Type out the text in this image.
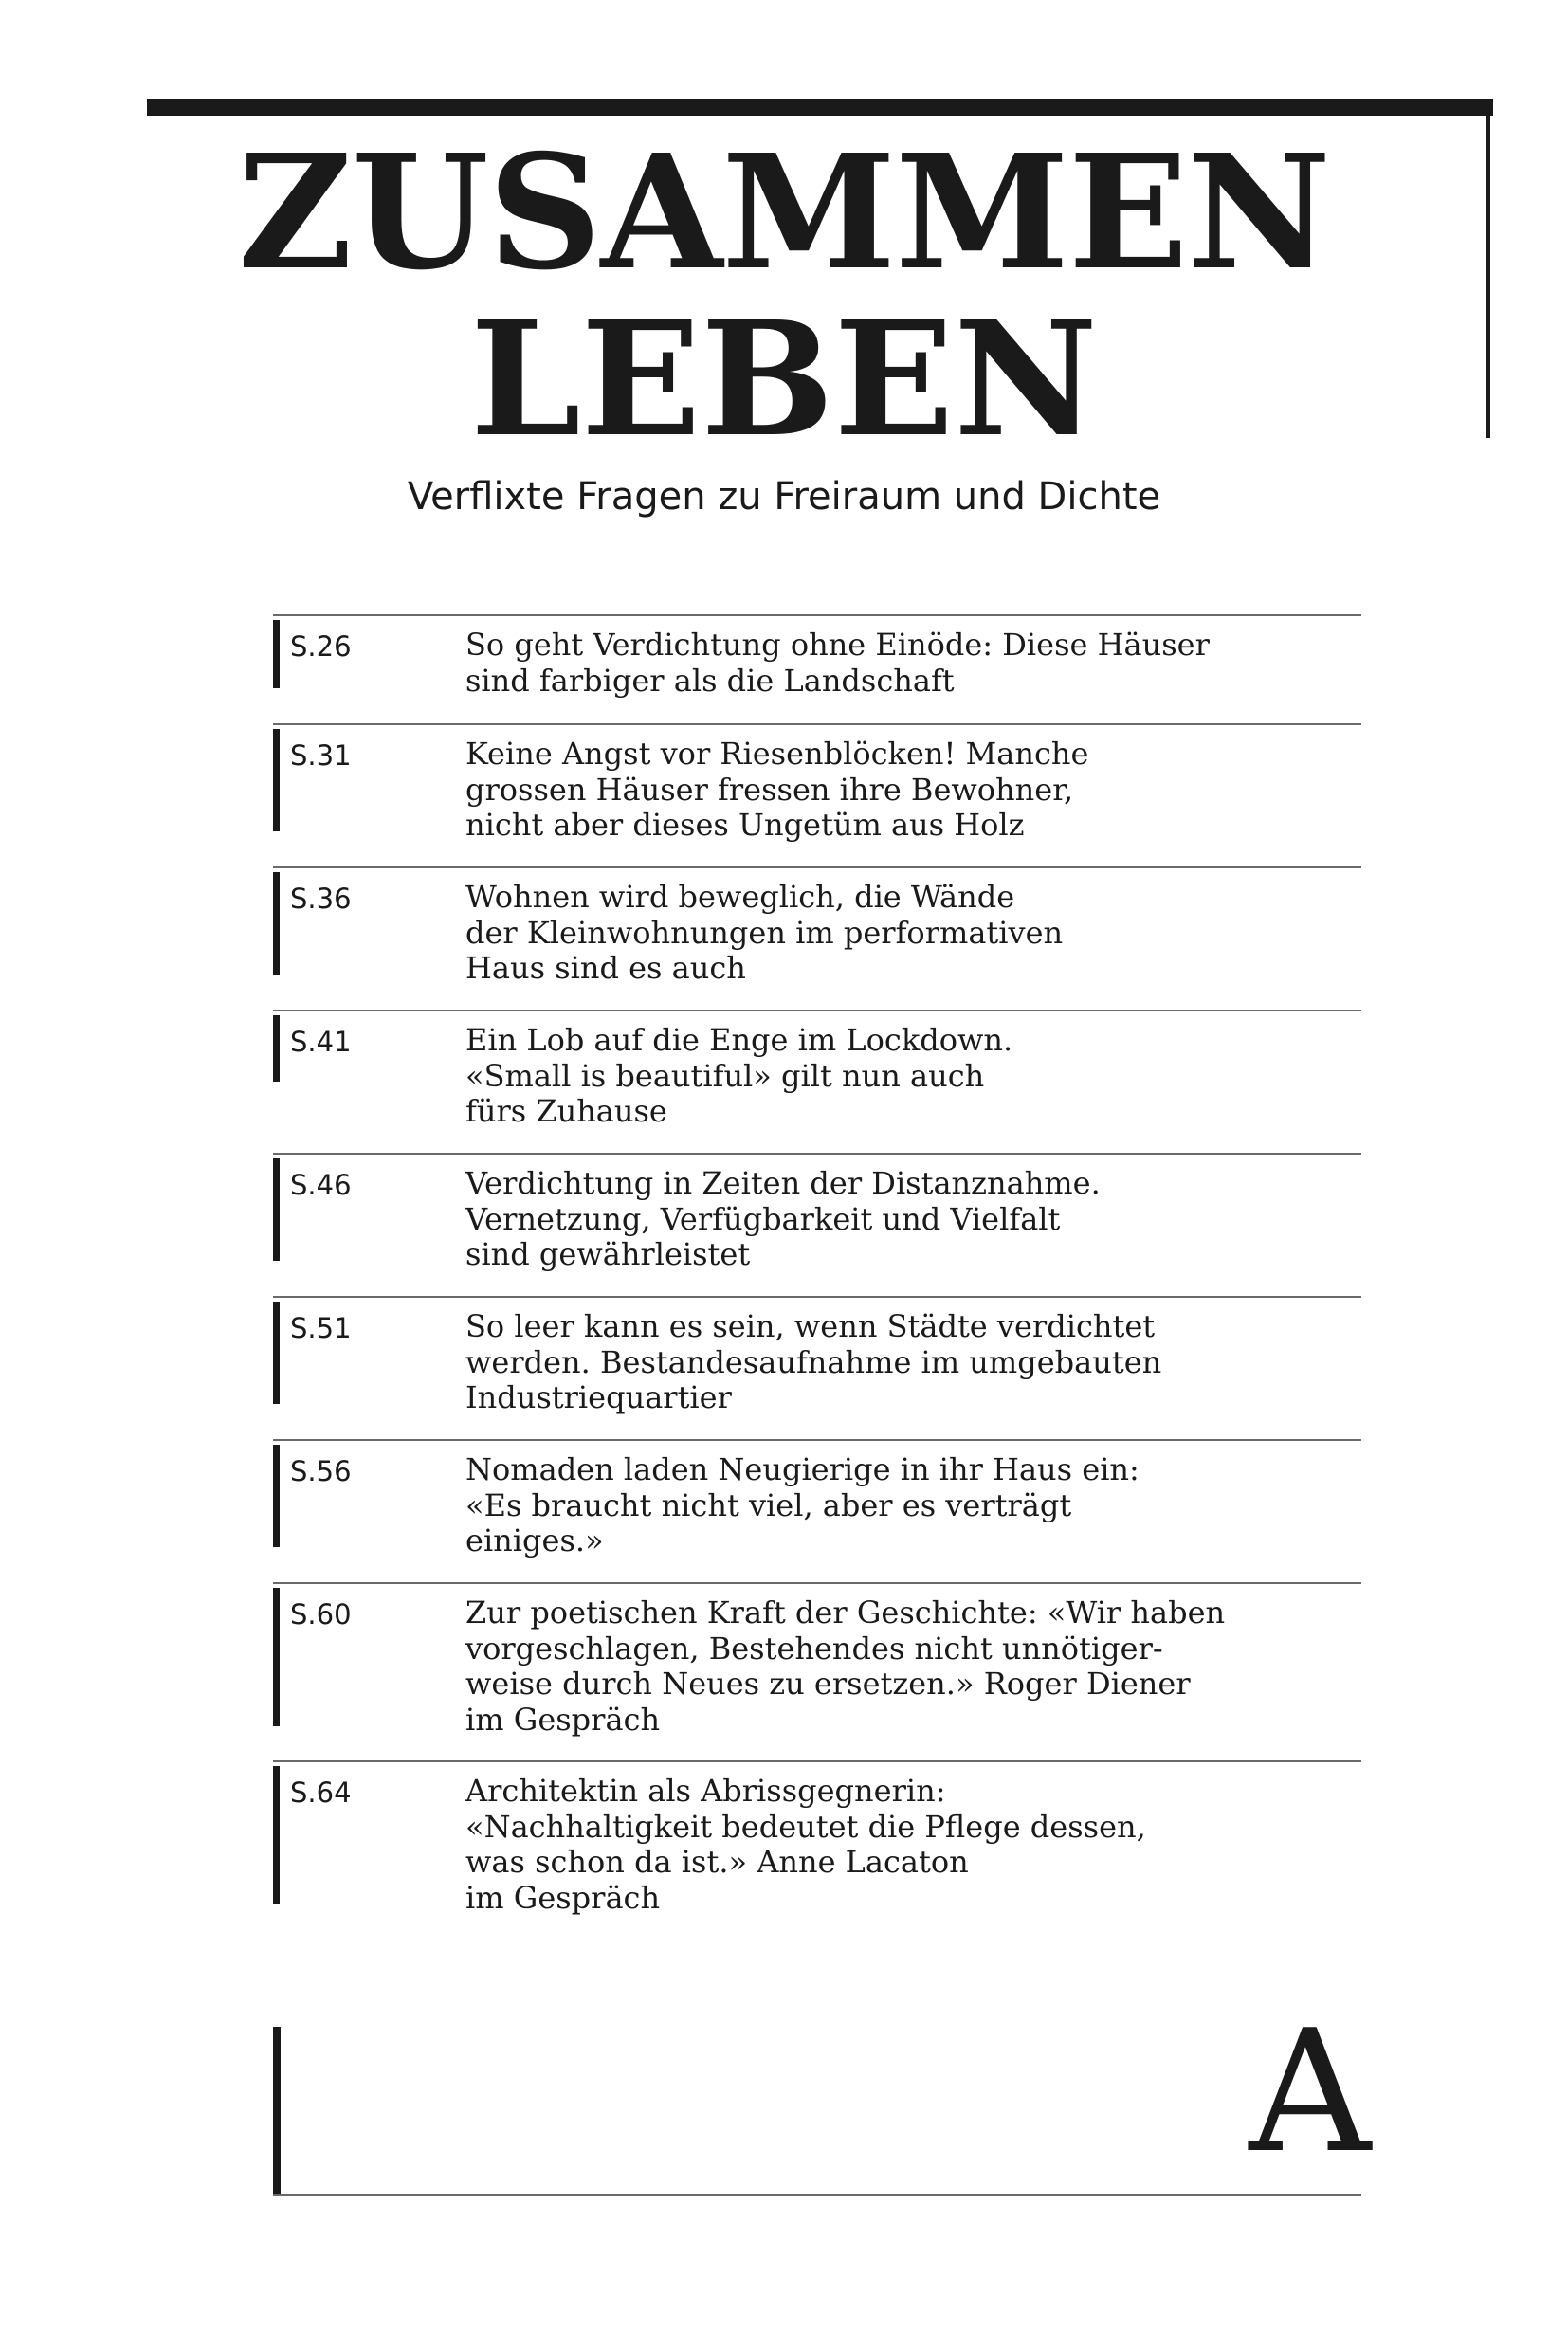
ZUSAMMEN
LEBEN

Verflixte Fragen zu Freiraum und Dichte

S.26	So geht Verdichtung ohne Einöde: Diese Häuser
sind farbiger als die Landschaft
S.31	Keine Angst vor Riesenblöcken! Manche
grossen Häuser fressen ihre Bewohner,
nicht aber dieses Ungetüm aus Holz
S.36	Wohnen wird beweglich, die Wände
der Kleinwohnungen im performativen
Haus sind es auch
S.41	Ein Lob auf die Enge im Lockdown.
«Small is beautiful» gilt nun auch
fürs Zuhause
S.46	Verdichtung in Zeiten der Distanznahme.
Vernetzung, Verfügbarkeit und Vielfalt
sind gewährleistet
S.51	So leer kann es sein, wenn Städte verdichtet
werden. Bestandesaufnahme im umgebauten
Industriequartier
S.56	Nomaden laden Neugierige in ihr Haus ein:
«Es braucht nicht viel, aber es verträgt
einiges.»
S.60	Zur poetischen Kraft der Geschichte: «Wir haben
vorgeschlagen, Bestehendes nicht unnötiger-
weise durch Neues zu ersetzen.» Roger Diener
im Gespräch
S.64	Architektin als Abrissgegnerin:
«Nachhaltigkeit bedeutet die Pflege dessen,
was schon da ist.» Anne Lacaton
im Gespräch
A
